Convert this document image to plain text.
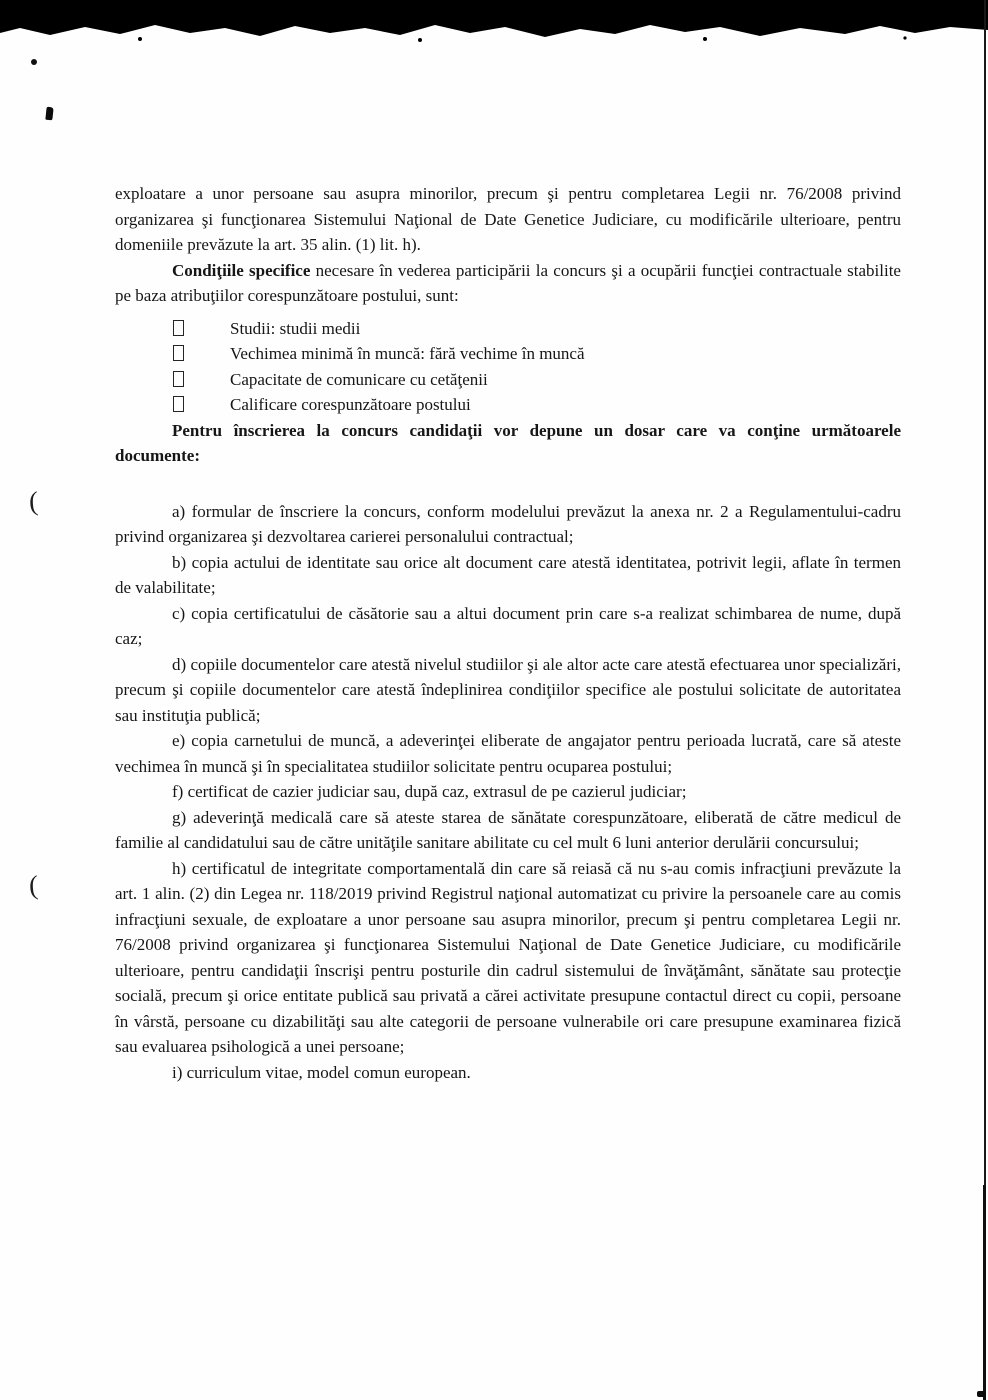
(
(

exploatare a unor persoane sau asupra minorilor, precum şi pentru completarea Legii nr. 76/2008 privind organizarea şi funcţionarea Sistemului Naţional de Date Genetice Judiciare, cu modificările ulterioare, pentru domeniile prevăzute la art. 35 alin. (1) lit. h).

Condiţiile specifice necesare în vederea participării la concurs şi a ocupării funcţiei contractuale stabilite pe baza atribuţiilor corespunzătoare postului, sunt:

Studii: studii medii
Vechimea minimă în muncă: fără vechime în muncă
Capacitate de comunicare cu cetăţenii
Calificare corespunzătoare postului

Pentru înscrierea la concurs candidaţii vor depune un dosar care va conţine următoarele documente:

a) formular de înscriere la concurs, conform modelului prevăzut la anexa nr. 2 a Regulamentului-cadru privind organizarea şi dezvoltarea carierei personalului contractual;

b) copia actului de identitate sau orice alt document care atestă identitatea, potrivit legii, aflate în termen de valabilitate;

c) copia certificatului de căsătorie sau a altui document prin care s-a realizat schimbarea de nume, după caz;

d) copiile documentelor care atestă nivelul studiilor şi ale altor acte care atestă efectuarea unor specializări, precum şi copiile documentelor care atestă îndeplinirea condiţiilor specifice ale postului solicitate de autoritatea sau instituţia publică;

e) copia carnetului de muncă, a adeverinţei eliberate de angajator pentru perioada lucrată, care să ateste vechimea în muncă şi în specialitatea studiilor solicitate pentru ocuparea postului;

f) certificat de cazier judiciar sau, după caz, extrasul de pe cazierul judiciar;

g) adeverinţă medicală care să ateste starea de sănătate corespunzătoare, eliberată de către medicul de familie al candidatului sau de către unităţile sanitare abilitate cu cel mult 6 luni anterior derulării concursului;

h) certificatul de integritate comportamentală din care să reiasă că nu s-au comis infracţiuni prevăzute la art. 1 alin. (2) din Legea nr. 118/2019 privind Registrul naţional automatizat cu privire la persoanele care au comis infracţiuni sexuale, de exploatare a unor persoane sau asupra minorilor, precum şi pentru completarea Legii nr. 76/2008 privind organizarea şi funcţionarea Sistemului Naţional de Date Genetice Judiciare, cu modificările ulterioare, pentru candidaţii înscrişi pentru posturile din cadrul sistemului de învăţământ, sănătate sau protecţie socială, precum şi orice entitate publică sau privată a cărei activitate presupune contactul direct cu copii, persoane în vârstă, persoane cu dizabilităţi sau alte categorii de persoane vulnerabile ori care presupune examinarea fizică sau evaluarea psihologică a unei persoane;

i) curriculum vitae, model comun european.
